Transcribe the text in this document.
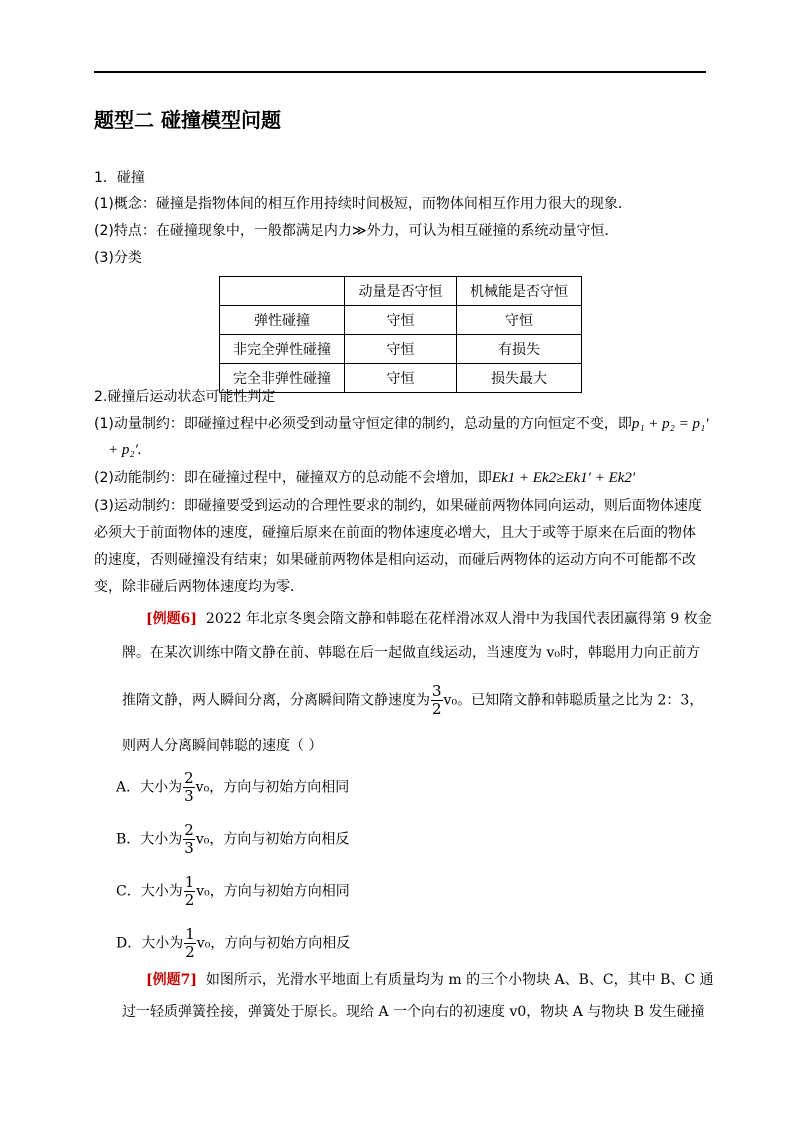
题型二 碰撞模型问题
1．碰撞
(1)概念：碰撞是指物体间的相互作用持续时间极短，而物体间相互作用力很大的现象．
(2)特点：在碰撞现象中，一般都满足内力≫外力，可认为相互碰撞的系统动量守恒．
(3)分类
	动量是否守恒	机械能是否守恒
弹性碰撞	守恒	守恒
非完全弹性碰撞	守恒	有损失
完全非弹性碰撞	守恒	损失最大
2.碰撞后运动状态可能性判定
(1)动量制约：即碰撞过程中必须受到动量守恒定律的制约，总动量的方向恒定不变，即p₁ + p₂ = p₁′
+ p₂′.
(2)动能制约：即在碰撞过程中，碰撞双方的总动能不会增加，即Ek1 + Ek2≥Ek1′ + Ek2′
(3)运动制约：即碰撞要受到运动的合理性要求的制约，如果碰前两物体同向运动，则后面物体速度
必须大于前面物体的速度，碰撞后原来在前面的物体速度必增大，且大于或等于原来在后面的物体
的速度，否则碰撞没有结束；如果碰前两物体是相向运动，而碰后两物体的运动方向不可能都不改
变，除非碰后两物体速度均为零．
[例题6] 2022 年北京冬奥会隋文静和韩聪在花样滑冰双人滑中为我国代表团赢得第 9 枚金
牌。在某次训练中隋文静在前、韩聪在后一起做直线运动，当速度为 v₀时，韩聪用力向正前方
推隋文静，两人瞬间分离，分离瞬间隋文静速度为 $\frac{3}{2} v_0$。已知隋文静和韩聪质量之比为 2：3，
则两人分离瞬间韩聪的速度（ ）
A．大小为 $\frac{2}{3} v_0$，方向与初始方向相同
B．大小为 $\frac{2}{3} v_0$，方向与初始方向相反
C．大小为 $\frac{1}{2} v_0$，方向与初始方向相同
D．大小为 $\frac{1}{2} v_0$，方向与初始方向相反
[例题7] 如图所示，光滑水平地面上有质量均为 m 的三个小物块 A、B、C，其中 B、C 通
过一轻质弹簧拴接，弹簧处于原长。现给 A 一个向右的初速度 v0，物块 A 与物块 B 发生碰撞
